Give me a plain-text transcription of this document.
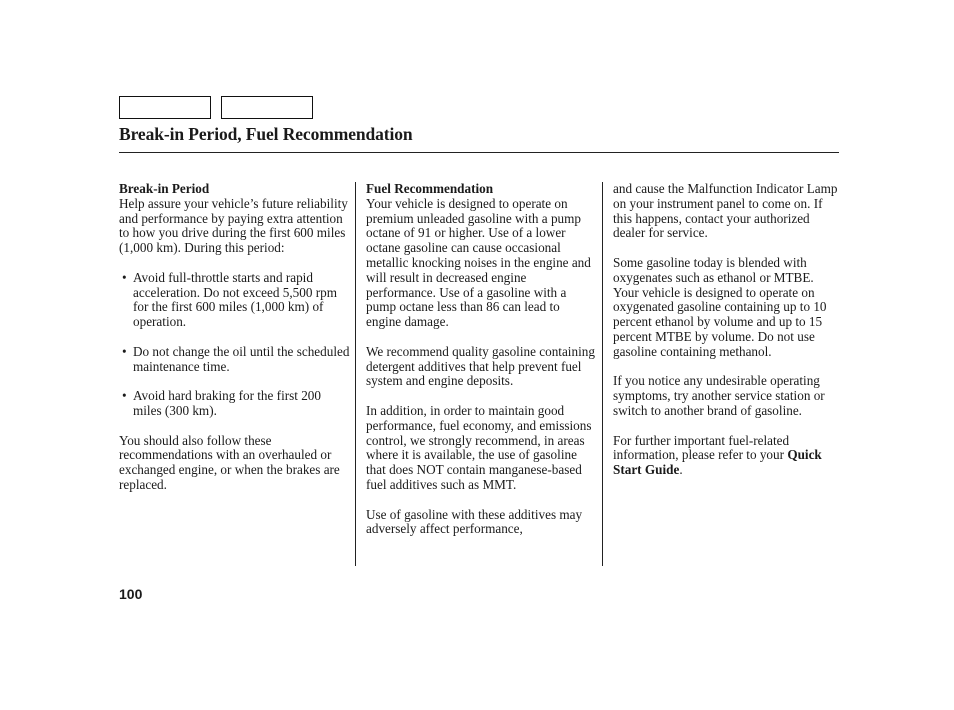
Break-in Period, Fuel Recommendation
Break-in Period

Help assure your vehicle’s future reliability and performance by paying extra attention to how you drive during the first 600 miles (1,000 km). During this period:

• Avoid full-throttle starts and rapid acceleration. Do not exceed 5,500 rpm for the first 600 miles (1,000 km) of operation.
• Do not change the oil until the scheduled maintenance time.
• Avoid hard braking for the first 200 miles (300 km).

You should also follow these recommendations with an overhauled or exchanged engine, or when the brakes are replaced.

Fuel Recommendation

Your vehicle is designed to operate on premium unleaded gasoline with a pump octane of 91 or higher. Use of a lower octane gasoline can cause occasional metallic knocking noises in the engine and will result in decreased engine performance. Use of a gasoline with a pump octane less than 86 can lead to engine damage.

We recommend quality gasoline containing detergent additives that help prevent fuel system and engine deposits.

In addition, in order to maintain good performance, fuel economy, and emissions control, we strongly recommend, in areas where it is available, the use of gasoline that does NOT contain manganese-based fuel additives such as MMT.

Use of gasoline with these additives may adversely affect performance,

and cause the Malfunction Indicator Lamp on your instrument panel to come on. If this happens, contact your authorized dealer for service.

Some gasoline today is blended with oxygenates such as ethanol or MTBE. Your vehicle is designed to operate on oxygenated gasoline containing up to 10 percent ethanol by volume and up to 15 percent MTBE by volume. Do not use gasoline containing methanol.

If you notice any undesirable operating symptoms, try another service station or switch to another brand of gasoline.

For further important fuel-related information, please refer to your Quick Start Guide.

100
